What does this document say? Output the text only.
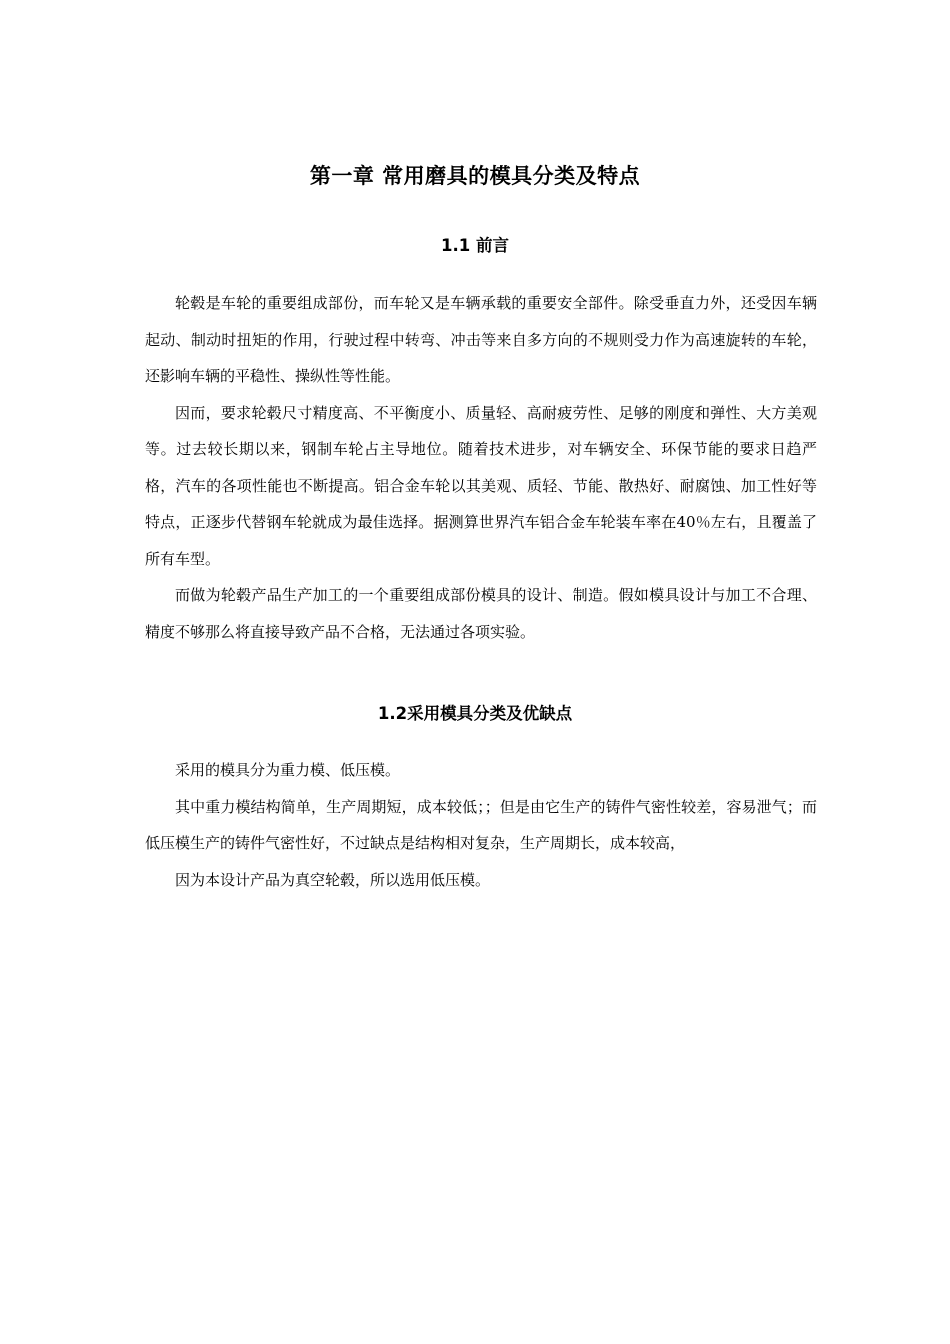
第一章 常用磨具的模具分类及特点
1.1 前言

轮毂是车轮的重要组成部份，而车轮又是车辆承载的重要安全部件。除受垂直力外，还受因车辆起动、制动时扭矩的作用，行驶过程中转弯、冲击等来自多方向的不规则受力作为高速旋转的车轮，还影响车辆的平稳性、操纵性等性能。

因而，要求轮毂尺寸精度高、不平衡度小、质量轻、高耐疲劳性、足够的刚度和弹性、大方美观等。过去较长期以来，钢制车轮占主导地位。随着技术进步，对车辆安全、环保节能的要求日趋严格，汽车的各项性能也不断提高。铝合金车轮以其美观、质轻、节能、散热好、耐腐蚀、加工性好等特点，正逐步代替钢车轮就成为最佳选择。据测算世界汽车铝合金车轮装车率在40％左右，且覆盖了所有车型。

而做为轮毂产品生产加工的一个重要组成部份模具的设计、制造。假如模具设计与加工不合理、精度不够那么将直接导致产品不合格，无法通过各项实验。

1.2采用模具分类及优缺点

采用的模具分为重力模、低压模。

其中重力模结构简单，生产周期短，成本较低；；但是由它生产的铸件气密性较差，容易泄气；而低压模生产的铸件气密性好，不过缺点是结构相对复杂，生产周期长，成本较高，

因为本设计产品为真空轮毂，所以选用低压模。
